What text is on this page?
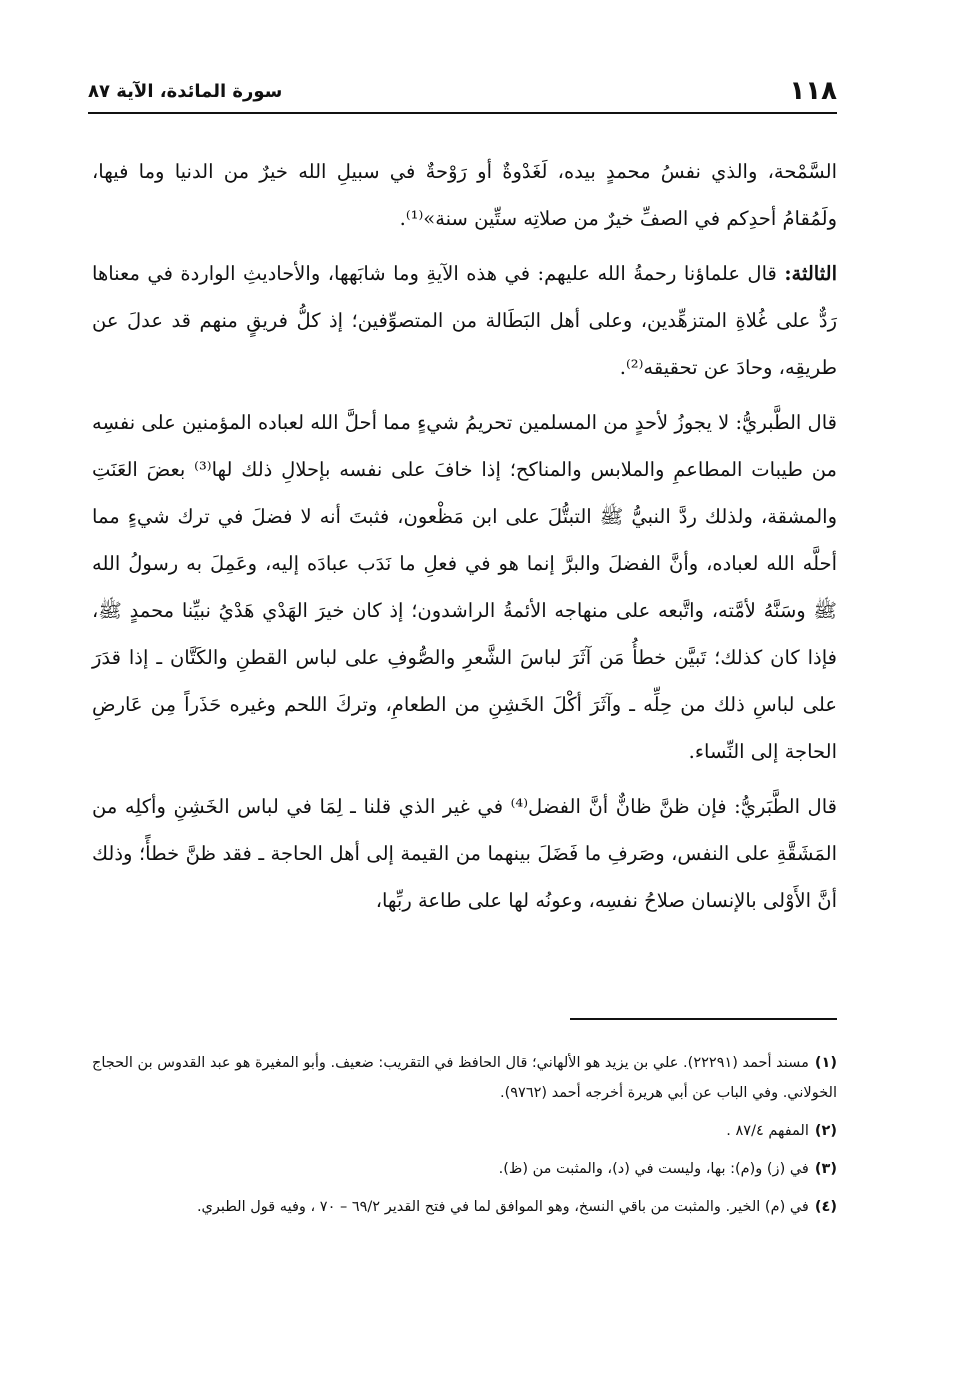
١١٨
سورة المائدة، الآية ٨٧

السَّمْحة، والذي نفسُ محمدٍ بيده، لَغَدْوةٌ أو رَوْحةٌ في سبيلِ الله خيرٌ من الدنيا وما فيها، ولَمُقامُ أحدِكم في الصفِّ خيرٌ من صلاتِه ستِّين سنة»⁽¹⁾.

الثالثة: قال علماؤنا رحمةُ الله عليهم: في هذه الآيةِ وما شابَهها، والأحاديثِ الواردة في معناها رَدٌّ على غُلاةِ المتزهِّدين، وعلى أهل البَطَالة من المتصوِّفين؛ إذ كلُّ فريقٍ منهم قد عدلَ عن طريقِه، وحادَ عن تحقيقه⁽²⁾.

قال الطَّبريُّ: لا يجوزُ لأحدٍ من المسلمين تحريمُ شيءٍ مما أحلَّ الله لعباده المؤمنين على نفسِه من طيبات المطاعمِ والملابس والمناكح؛ إذا خافَ على نفسه بإحلالِ ذلك لها⁽³⁾ بعضَ العَنَتِ والمشقة، ولذلك ردَّ النبيُّ ﷺ التبتُّلَ على ابن مَظْعون، فثبتَ أنه لا فضلَ في ترك شيءٍ مما أحلَّه الله لعباده، وأنَّ الفضلَ والبرَّ إنما هو في فعلِ ما نَدَب عبادَه إليه، وعَمِلَ به رسولُ الله ﷺ وسَنَّهُ لأمَّته، واتَّبعه على منهاجه الأئمةُ الراشدون؛ إذ كان خيرَ الهَدْي هَدْيُ نبيِّنا محمدٍ ﷺ، فإذا كان كذلك؛ تَبيَّن خطأُ مَن آثَرَ لباسَ الشَّعرِ والصُّوفِ على لباس القطنِ والكَتَّان ـ إذا قدَرَ على لباسِ ذلك من حِلِّه ـ وآثَرَ أكْلَ الخَشِنِ من الطعامِ، وتركَ اللحم وغيره حَذَراً مِن عَارضِ الحاجة إلى النِّساء.

قال الطَّبَريُّ: فإن ظنَّ ظانٌّ أنَّ الفضل⁽⁴⁾ في غير الذي قلنا ـ لِمَا في لباس الخَشِنِ وأكلِه من المَشَقَّةِ على النفس، وصَرفِ ما فَضَلَ بينهما من القيمة إلى أهل الحاجة ـ فقد ظنَّ خطأً؛ وذلك أنَّ الأَوْلى بالإنسان صلاحُ نفسِه، وعونُه لها على طاعة ربِّها،

(١)مسند أحمد (٢٢٢٩١). علي بن يزيد هو الألهاني؛ قال الحافظ في التقريب: ضعيف. وأبو المغيرة هو عبد القدوس بن الحجاج الخولاني. وفي الباب عن أبي هريرة أخرجه أحمد (٩٧٦٢).

(٢)المفهم ٨٧/٤ .

(٣)في (ز) و(م): بها، وليست في (د)، والمثبت من (ظ).

(٤)في (م) الخير. والمثبت من باقي النسخ، وهو الموافق لما في فتح القدير ٦٩/٢ – ٧٠ ، وفيه قول الطبري.
